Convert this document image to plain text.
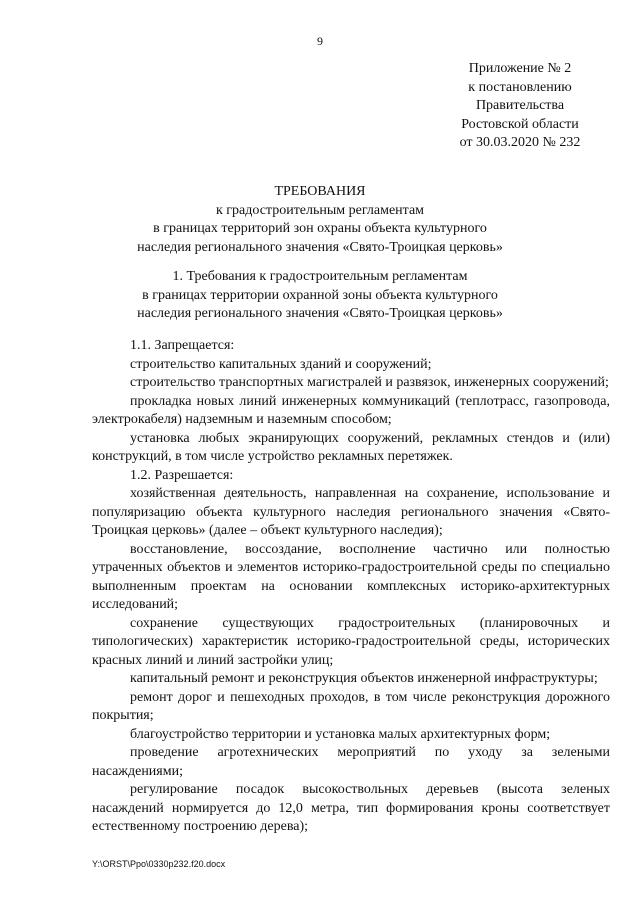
9
Приложение № 2
к постановлению
Правительства
Ростовской области
от 30.03.2020 № 232
ТРЕБОВАНИЯ
к градостроительным регламентам
в границах территорий зон охраны объекта культурного
наследия регионального значения «Свято-Троицкая церковь»
1. Требования к градостроительным регламентам
в границах территории охранной зоны объекта культурного
наследия регионального значения «Свято-Троицкая церковь»

1.1. Запрещается:

строительство капитальных зданий и сооружений;

строительство транспортных магистралей и развязок, инженерных сооружений;

прокладка новых линий инженерных коммуникаций (теплотрасс, газопровода, электрокабеля) надземным и наземным способом;

установка любых экранирующих сооружений, рекламных стендов и (или) конструкций, в том числе устройство рекламных перетяжек.

1.2. Разрешается:

хозяйственная деятельность, направленная на сохранение, использование и популяризацию объекта культурного наследия регионального значения «Свято-Троицкая церковь» (далее – объект культурного наследия);

восстановление, воссоздание, восполнение частично или полностью утраченных объектов и элементов историко-градостроительной среды по специально выполненным проектам на основании комплексных историко-архитектурных исследований;

сохранение существующих градостроительных (планировочных и типологических) характеристик историко-градостроительной среды, исторических красных линий и линий застройки улиц;

капитальный ремонт и реконструкция объектов инженерной инфраструктуры;

ремонт дорог и пешеходных проходов, в том числе реконструкция дорожного покрытия;

благоустройство территории и установка малых архитектурных форм;

проведение агротехнических мероприятий по уходу за зелеными насаждениями;

регулирование посадок высокоствольных деревьев (высота зеленых насаждений нормируется до 12,0 метра, тип формирования кроны соответствует естественному построению дерева);

Y:\ORST\Ppo\0330p232.f20.docx
